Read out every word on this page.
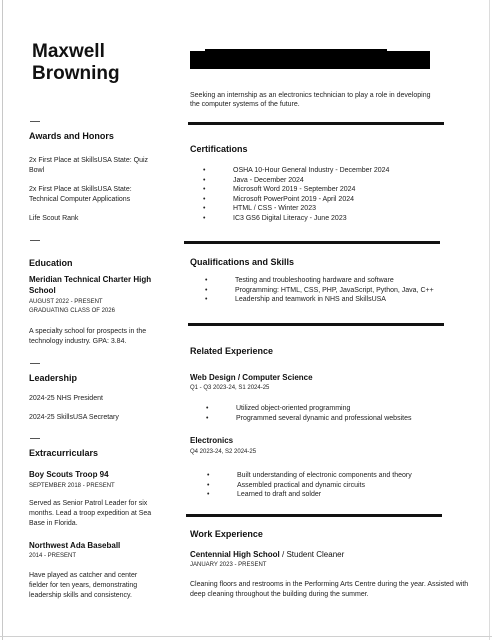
Maxwell
Browning
Awards and Honors
2x First Place at SkillsUSA State: Quiz Bowl
2x First Place at SkillsUSA State: Technical Computer Applications
Life Scout Rank
Education
Meridian Technical Charter High School
AUGUST 2022 - PRESENT
GRADUATING CLASS OF 2026
A specialty school for prospects in the technology industry. GPA: 3.84.
Leadership
2024-25 NHS President
2024-25 SkillsUSA Secretary
Extracurriculars
Boy Scouts Troop 94
SEPTEMBER 2018 - PRESENT
Served as Senior Patrol Leader for six months. Lead a troop expedition at Sea Base in Florida.
Northwest Ada Baseball
2014 - PRESENT
Have played as catcher and center fielder for ten years, demonstrating leadership skills and consistency.
Seeking an internship as an electronics technician to play a role in developing the computer systems of the future.
Certifications
•	OSHA 10-Hour General Industry - December 2024
•	Java - December 2024
•	Microsoft Word 2019 - September 2024
•	Microsoft PowerPoint 2019 - April 2024
•	HTML / CSS - Winter 2023
•	IC3 GS6 Digital Literacy - June 2023
Qualifications and Skills
•	Testing and troubleshooting hardware and software
•	Programming: HTML, CSS, PHP, JavaScript, Python, Java, C++
•	Leadership and teamwork in NHS and SkillsUSA
Related Experience
Web Design / Computer Science
Q1 - Q3 2023-24, S1 2024-25
•	Utilized object-oriented programming
•	Programmed several dynamic and professional websites
Electronics
Q4 2023-24, S2 2024-25
•	Built understanding of electronic components and theory
•	Assembled practical and dynamic circuits
•	Learned to draft and solder
Work Experience
Centennial High School / Student Cleaner
JANUARY 2023 - PRESENT
Cleaning floors and restrooms in the Performing Arts Centre during the year. Assisted with deep cleaning throughout the building during the summer.
